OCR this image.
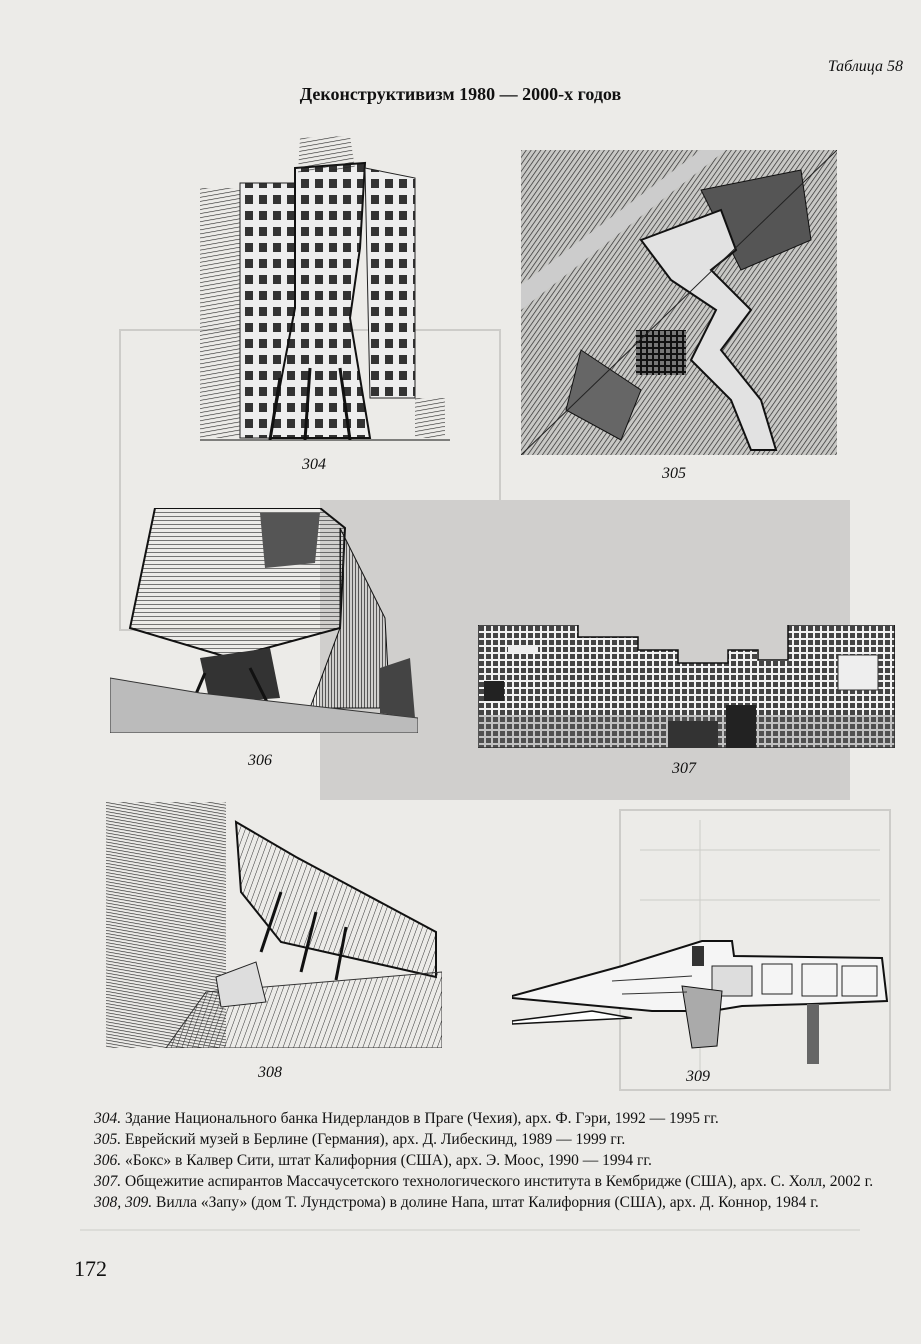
Таблица 58
Деконструктивизм 1980 — 2000-х годов
304
305
306	307
308	309

304. Здание Национального банка Нидерландов в Праге (Чехия), арх. Ф. Гэри, 1992 — 1995 гг.

305. Еврейский музей в Берлине (Германия), арх. Д. Либескинд, 1989 — 1999 гг.

306. «Бокс» в Калвер Сити, штат Калифорния (США), арх. Э. Моос, 1990 — 1994 гг.

307. Общежитие аспирантов Массачусетского технологического института в Кембридже (США), арх. С. Холл, 2002 г.

308, 309. Вилла «Запу» (дом Т. Лундстрома) в долине Напа, штат Калифорния (США), арх. Д. Коннор, 1984 г.

172
